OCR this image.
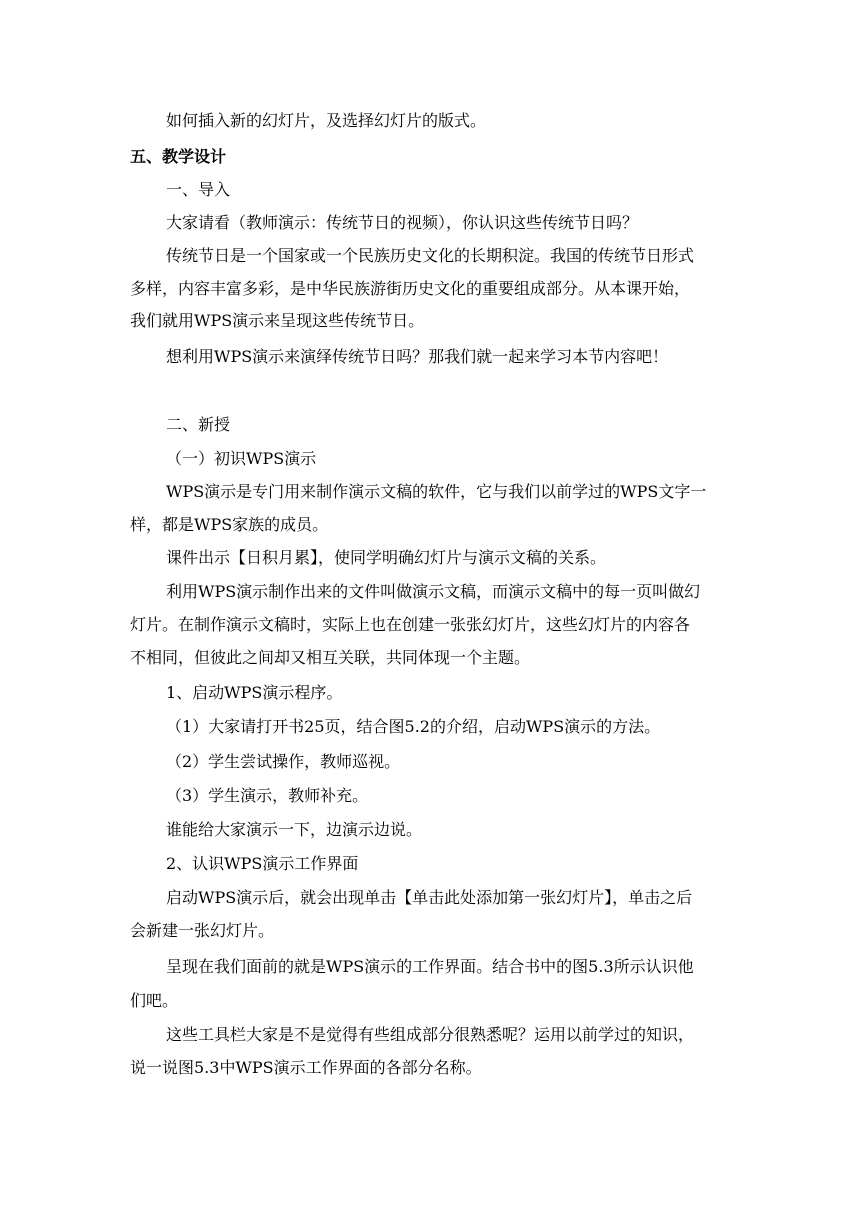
如何插入新的幻灯片，及选择幻灯片的版式。
五、教学设计
一、导入
大家请看（教师演示：传统节日的视频），你认识这些传统节日吗？
传统节日是一个国家或一个民族历史文化的长期积淀。我国的传统节日形式
多样，内容丰富多彩，是中华民族游街历史文化的重要组成部分。从本课开始，
我们就用WPS演示来呈现这些传统节日。
想利用WPS演示来演绎传统节日吗？那我们就一起来学习本节内容吧！
二、新授
（一）初识WPS演示
WPS演示是专门用来制作演示文稿的软件，它与我们以前学过的WPS文字一
样，都是WPS家族的成员。
课件出示【日积月累】，使同学明确幻灯片与演示文稿的关系。
利用WPS演示制作出来的文件叫做演示文稿，而演示文稿中的每一页叫做幻
灯片。在制作演示文稿时，实际上也在创建一张张幻灯片，这些幻灯片的内容各
不相同，但彼此之间却又相互关联，共同体现一个主题。
1、启动WPS演示程序。
（1）大家请打开书25页，结合图5.2的介绍，启动WPS演示的方法。
（2）学生尝试操作，教师巡视。
（3）学生演示，教师补充。
谁能给大家演示一下，边演示边说。
2、认识WPS演示工作界面
启动WPS演示后，就会出现单击【单击此处添加第一张幻灯片】，单击之后
会新建一张幻灯片。
呈现在我们面前的就是WPS演示的工作界面。结合书中的图5.3所示认识他
们吧。
这些工具栏大家是不是觉得有些组成部分很熟悉呢？运用以前学过的知识，
说一说图5.3中WPS演示工作界面的各部分名称。
